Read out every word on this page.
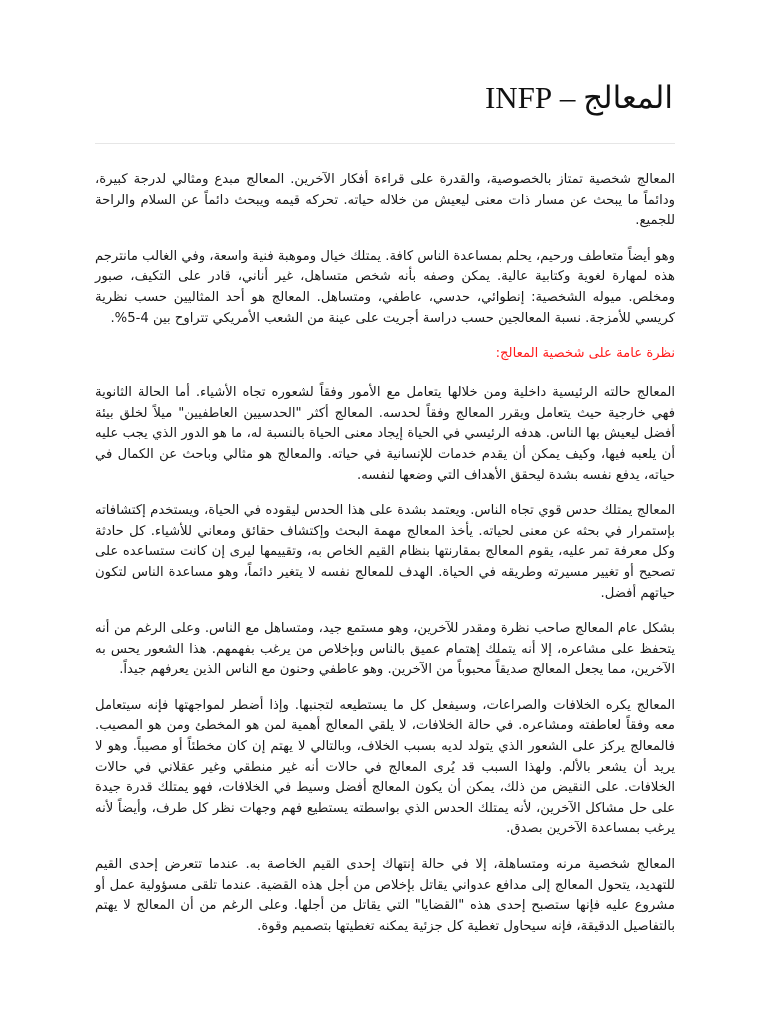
المعالج – INFP

المعالج شخصية تمتاز بالخصوصية، والقدرة على قراءة أفكار الآخرين. المعالج مبدع ومثالي لدرجة كبيرة، ودائماً ما يبحث عن مسار ذات معنى ليعيش من خلاله حياته. تحركه قيمه ويبحث دائماً عن السلام والراحة للجميع.

وهو أيضاً متعاطف ورحيم، يحلم بمساعدة الناس كافة. يمتلك خيال وموهبة فنية واسعة، وفي الغالب مانترجم هذه لمهارة لغوية وكتابية عالية. يمكن وصفه بأنه شخص متساهل، غير أناني، قادر على التكيف، صبور ومخلص. ميوله الشخصية: إنطوائي، حدسي، عاطفي، ومتساهل. المعالج هو أحد المثاليين حسب نظرية كريسي للأمزجة. نسبة المعالجين حسب دراسة أجريت على عينة من الشعب الأمريكي تتراوح بين 4-5%.

نظرة عامة على شخصية المعالج:

المعالج حالته الرئيسية داخلية ومن خلالها يتعامل مع الأمور وفقاً لشعوره تجاه الأشياء. أما الحالة الثانوية فهي خارجية حيث يتعامل ويقرر المعالج وفقاً لحدسه. المعالج أكثر "الحدسيين العاطفيين" ميلاً لخلق بيئة أفضل ليعيش بها الناس. هدفه الرئيسي في الحياة إيجاد معنى الحياة بالنسبة له، ما هو الدور الذي يجب عليه أن يلعبه فيها، وكيف يمكن أن يقدم خدمات للإنسانية في حياته. والمعالج هو مثالي وباحث عن الكمال في حياته، يدفع نفسه بشدة ليحقق الأهداف التي وضعها لنفسه.

المعالج يمتلك حدس قوي تجاه الناس. ويعتمد بشدة على هذا الحدس ليقوده في الحياة، ويستخدم إكتشافاته بإستمرار في بحثه عن معنى لحياته. يأخذ المعالج مهمة البحث وإكتشاف حقائق ومعاني للأشياء. كل حادثة وكل معرفة تمر عليه، يقوم المعالج بمقارنتها بنظام القيم الخاص به، وتقييمها ليرى إن كانت ستساعده على تصحيح أو تغيير مسيرته وطريقه في الحياة. الهدف للمعالج نفسه لا يتغير دائماً، وهو مساعدة الناس لتكون حياتهم أفضل.

بشكل عام المعالج صاحب نظرة ومقدر للآخرين، وهو مستمع جيد، ومتساهل مع الناس. وعلى الرغم من أنه يتحفظ على مشاعره، إلا أنه يتملك إهتمام عميق بالناس وبإخلاص من يرغب بفهمهم. هذا الشعور يحس به الآخرين، مما يجعل المعالج صديقاً محبوباً من الآخرين. وهو عاطفي وحنون مع الناس الذين يعرفهم جيداً.

المعالج يكره الخلافات والصراعات، وسيفعل كل ما يستطيعه لتجنبها. وإذا أضطر لمواجهتها فإنه سيتعامل معه وفقاً لعاطفته ومشاعره. في حالة الخلافات، لا يلقي المعالج أهمية لمن هو المخطئ ومن هو المصيب. فالمعالج يركز على الشعور الذي يتولد لديه بسبب الخلاف، وبالتالي لا يهتم إن كان مخطئاً أو مصيباً. وهو لا يريد أن يشعر بالألم. ولهذا السبب قد يُرى المعالج في حالات أنه غير منطقي وغير عقلاني في حالات الخلافات. على النقيض من ذلك، يمكن أن يكون المعالج أفضل وسيط في الخلافات، فهو يمتلك قدرة جيدة على حل مشاكل الآخرين، لأنه يمتلك الحدس الذي بواسطته يستطيع فهم وجهات نظر كل طرف، وأيضاً لأنه يرغب بمساعدة الآخرين بصدق.

المعالج شخصية مرنه ومتساهلة، إلا في حالة إنتهاك إحدى القيم الخاصة به. عندما تتعرض إحدى القيم للتهديد، يتحول المعالج إلى مدافع عدواني يقاتل بإخلاص من أجل هذه القضية. عندما تلقى مسؤولية عمل أو مشروع عليه فإنها ستصبح إحدى هذه "القضايا" التي يقاتل من أجلها. وعلى الرغم من أن المعالج لا يهتم بالتفاصيل الدقيقة، فإنه سيحاول تغطية كل جزئية يمكنه تغطيتها بتصميم وقوة.
